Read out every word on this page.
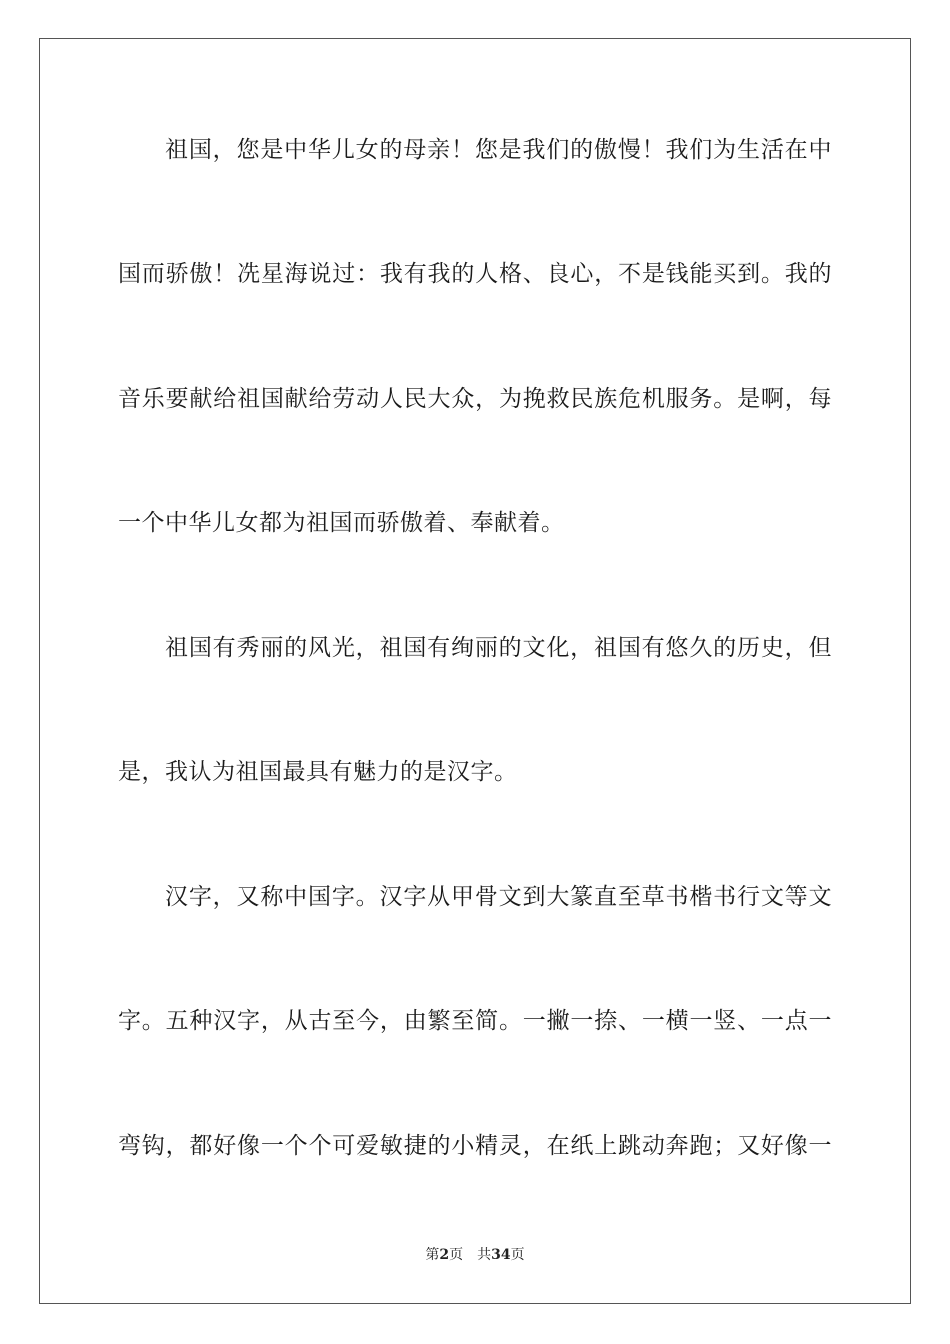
祖国，您是中华儿女的母亲！您是我们的傲慢！我们为生活在中
国而骄傲！冼星海说过：我有我的人格、良心，不是钱能买到。我的
音乐要献给祖国献给劳动人民大众，为挽救民族危机服务。是啊，每
一个中华儿女都为祖国而骄傲着、奉献着。
祖国有秀丽的风光，祖国有绚丽的文化，祖国有悠久的历史，但
是，我认为祖国最具有魅力的是汉字。
汉字，又称中国字。汉字从甲骨文到大篆直至草书楷书行文等文
字。五种汉字，从古至今，由繁至简。一撇一捺、一横一竖、一点一
弯钩，都好像一个个可爱敏捷的小精灵，在纸上跳动奔跑；又好像一
第2页 共34页
